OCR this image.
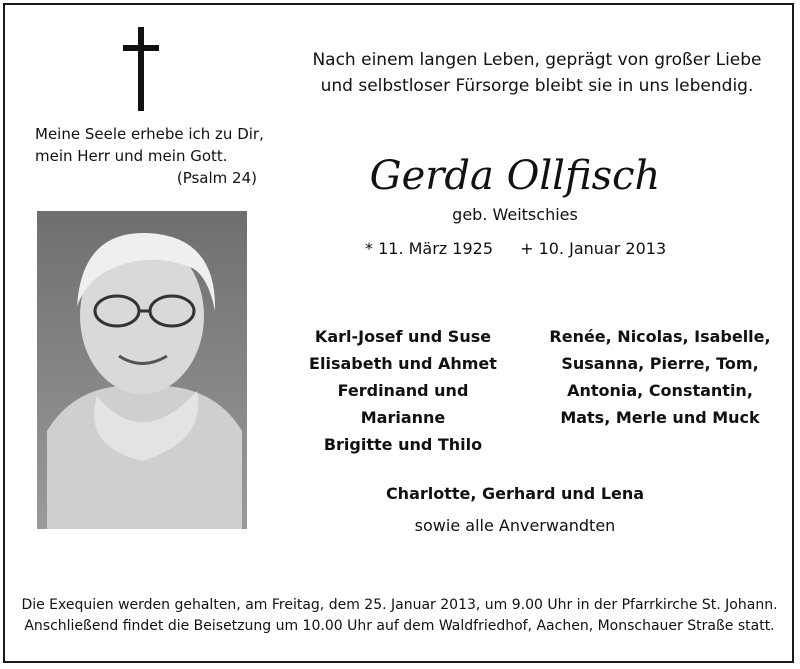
Nach einem langen Leben, geprägt von großer Liebe
und selbstloser Fürsorge bleibt sie in uns lebendig.
Meine Seele erhebe ich zu Dir,
mein Herr und mein Gott.
(Psalm 24)	Gerda Ollfisch
geb. Weitschies
* 11. März 1925 + 10. Januar 2013
Karl-Josef und Suse
Elisabeth und Ahmet
Ferdinand und Marianne
Brigitte und Thilo
Renée, Nicolas, Isabelle,
Susanna, Pierre, Tom,
Antonia, Constantin,
Mats, Merle und Muck
Charlotte, Gerhard und Lena
sowie alle Anverwandten
Die Exequien werden gehalten, am Freitag, dem 25. Januar 2013, um 9.00 Uhr in der Pfarrkirche St. Johann.
Anschließend findet die Beisetzung um 10.00 Uhr auf dem Waldfriedhof, Aachen, Monschauer Straße statt.
